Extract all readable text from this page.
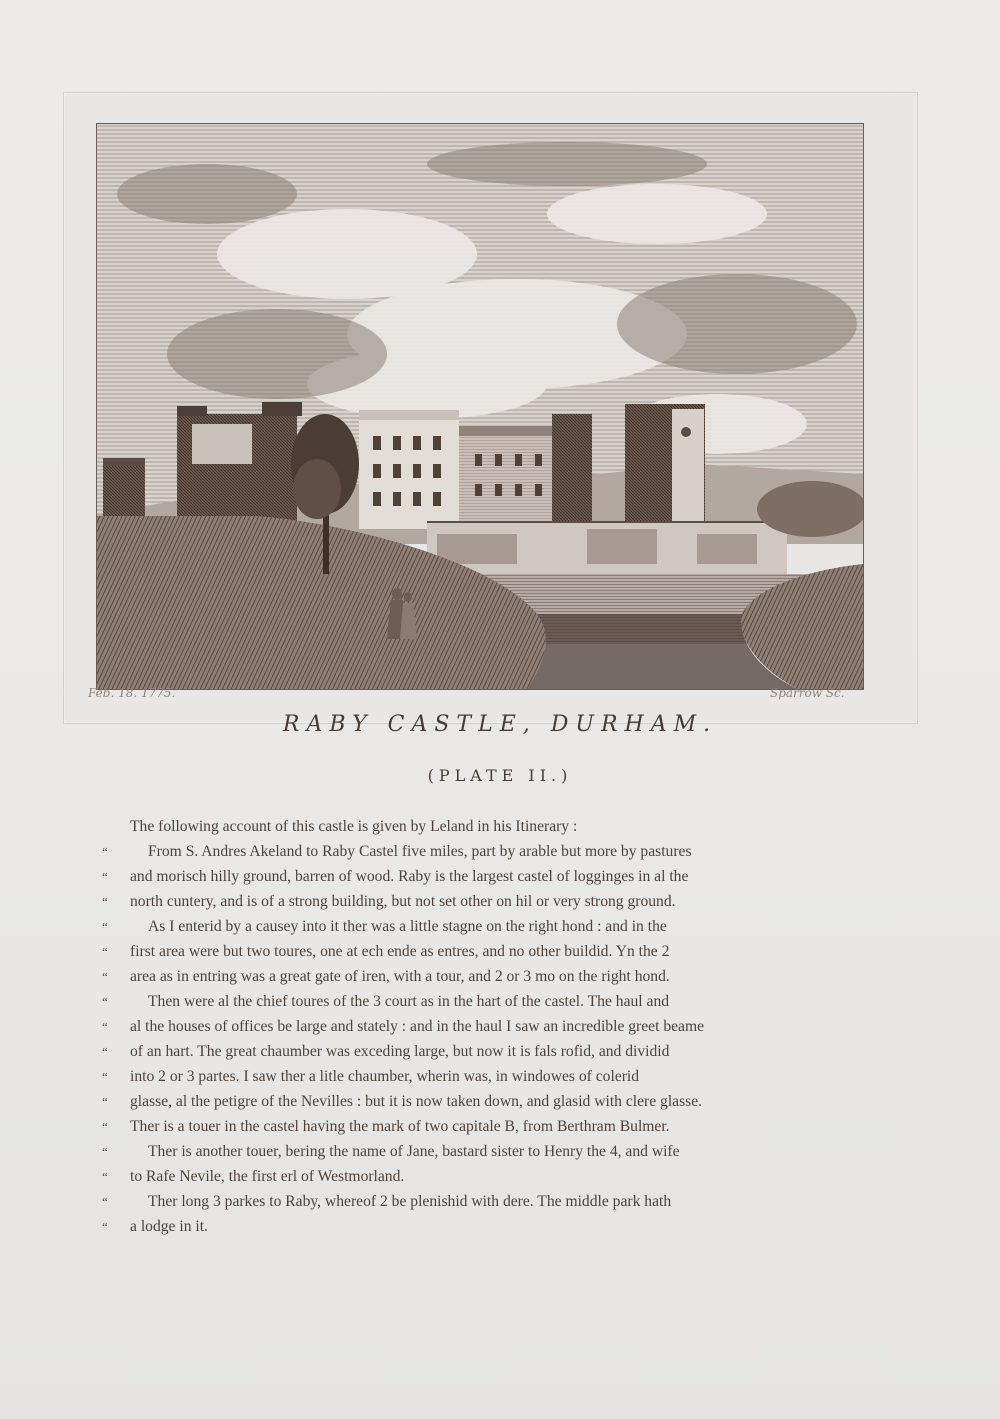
Feb. 18. 1775.	Sparrow Sc.
RABY CASTLE, DURHAM.
(PLATE II.)
The following account of this castle is given by Leland in his Itinerary :
“	From S. Andres Akeland to Raby Castel five miles, part by arable but more by pastures
“	and morisch hilly ground, barren of wood. Raby is the largest castel of logginges in al the
“	north cuntery, and is of a strong building, but not set other on hil or very strong ground.
“	As I enterid by a causey into it ther was a little stagne on the right hond : and in the
“	first area were but two toures, one at ech ende as entres, and no other buildid. Yn the 2
“	area as in entring was a great gate of iren, with a tour, and 2 or 3 mo on the right hond.
“	Then were al the chief toures of the 3 court as in the hart of the castel. The haul and
“	al the houses of offices be large and stately : and in the haul I saw an incredible greet beame
“	of an hart. The great chaumber was exceding large, but now it is fals rofid, and dividid
“	into 2 or 3 partes. I saw ther a litle chaumber, wherin was, in windowes of colerid
“	glasse, al the petigre of the Nevilles : but it is now taken down, and glasid with clere glasse.
“	Ther is a touer in the castel having the mark of two capitale B, from Berthram Bulmer.
“	Ther is another touer, bering the name of Jane, bastard sister to Henry the 4, and wife
“	to Rafe Nevile, the first erl of Westmorland.
“	Ther long 3 parkes to Raby, whereof 2 be plenishid with dere. The middle park hath
“	a lodge in it.
